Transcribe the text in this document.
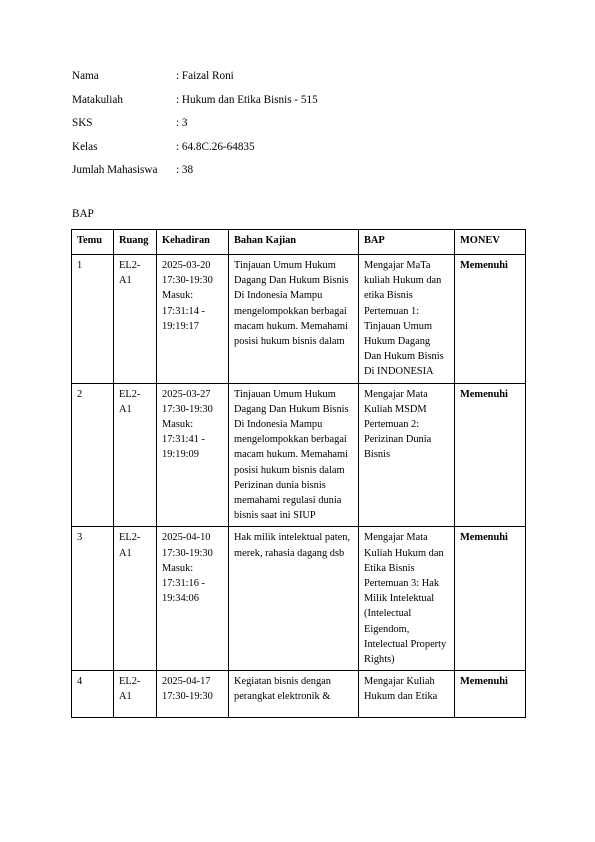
Nama	: Faizal Roni
Matakuliah	: Hukum dan Etika Bisnis - 515
SKS	: 3
Kelas	: 64.8C.26-64835
Jumlah Mahasiswa	: 38
BAP
Temu	Ruang	Kehadiran	Bahan Kajian	BAP	MONEV
1	EL2-A1	2025-03-20 17:30-19:30 Masuk: 17:31:14 - 19:19:17	Tinjauan Umum Hukum Dagang Dan Hukum Bisnis Di Indonesia Mampu mengelompokkan berbagai macam hukum. Memahami posisi hukum bisnis dalam	Mengajar MaTa kuliah Hukum dan etika Bisnis Pertemuan 1: Tinjauan Umum Hukum Dagang Dan Hukum Bisnis Di INDONESIA	Memenuhi
2	EL2-A1	2025-03-27 17:30-19:30 Masuk: 17:31:41 - 19:19:09	Tinjauan Umum Hukum Dagang Dan Hukum Bisnis Di Indonesia Mampu mengelompokkan berbagai macam hukum. Memahami posisi hukum bisnis dalam Perizinan dunia bisnis memahami regulasi dunia bisnis saat ini SIUP	Mengajar Mata Kuliah MSDM Pertemuan 2: Perizinan Dunia Bisnis	Memenuhi
3	EL2-A1	2025-04-10 17:30-19:30 Masuk: 17:31:16 - 19:34:06	Hak milik intelektual paten, merek, rahasia dagang dsb	Mengajar Mata Kuliah Hukum dan Etika Bisnis Pertemuan 3: Hak Milik Intelektual (Intelectual Eigendom, Intelectual Property Rights)	Memenuhi
4	EL2-A1	2025-04-17 17:30-19:30	Kegiatan bisnis dengan perangkat elektronik &	Mengajar Kuliah Hukum dan Etika	Memenuhi
